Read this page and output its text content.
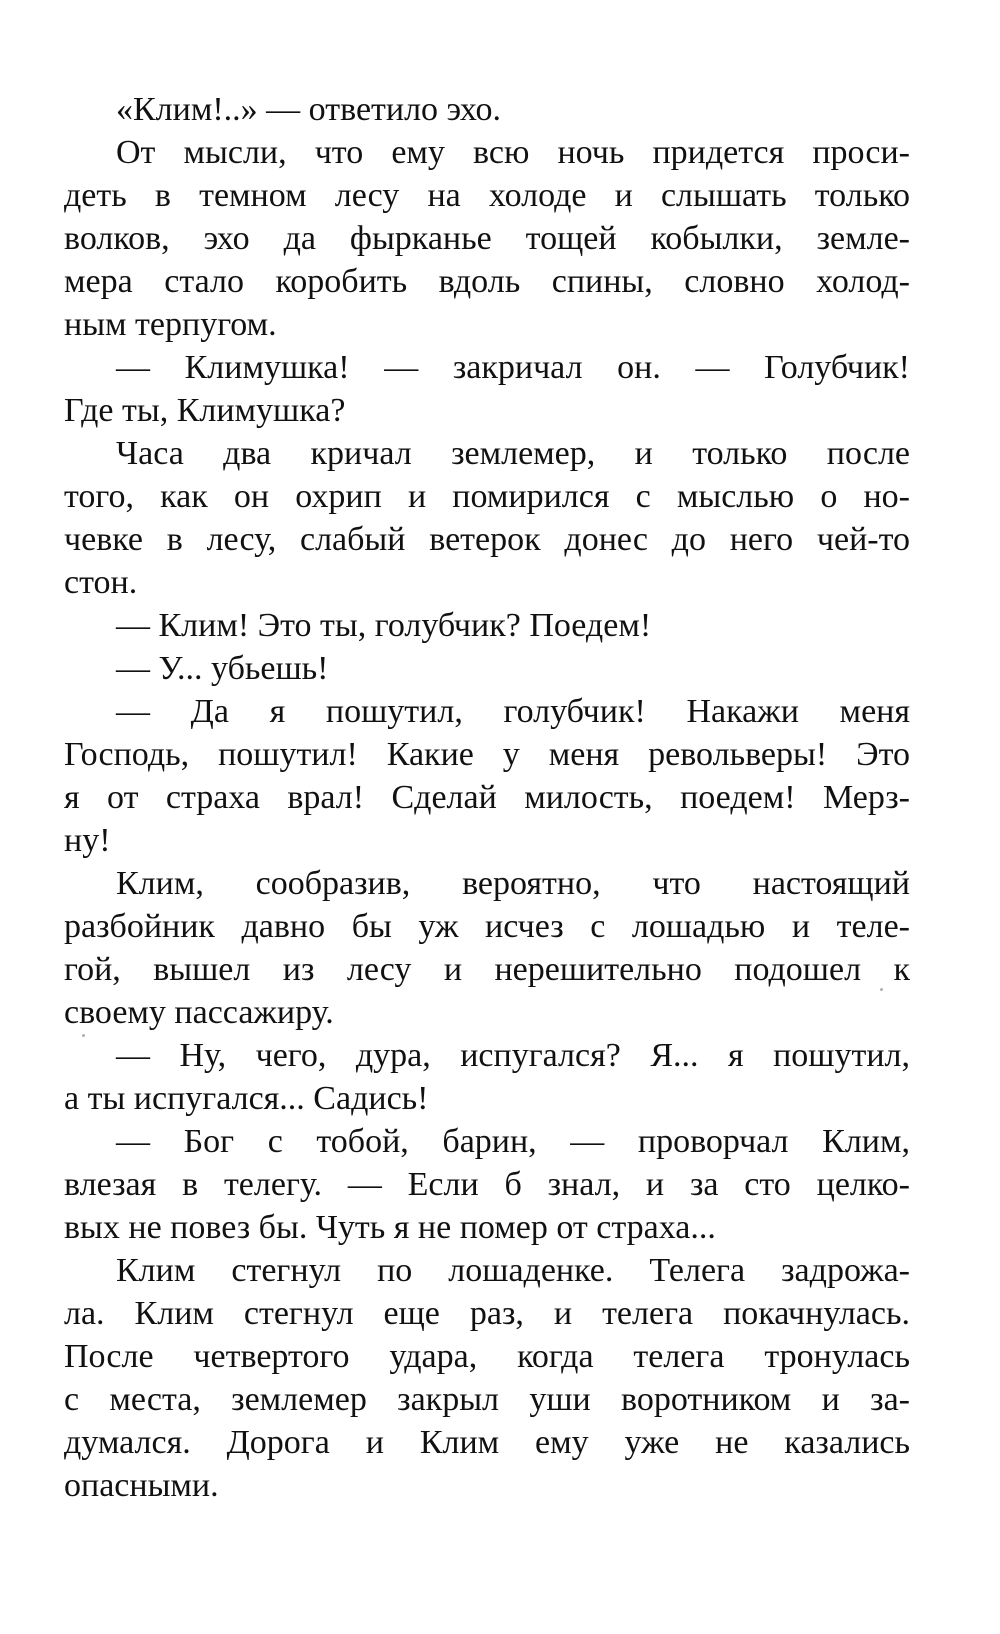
«Клим!..» — ответило эхо.
От мысли, что ему всю ночь придется проси-
деть в темном лесу на холоде и слышать только
волков, эхо да фырканье тощей кобылки, земле-
мера стало коробить вдоль спины, словно холод-
ным терпугом.
— Климушка! — закричал он. — Голубчик!
Где ты, Климушка?
Часа два кричал землемер, и только после
того, как он охрип и помирился с мыслью о но-
чевке в лесу, слабый ветерок донес до него чей-то
стон.
— Клим! Это ты, голубчик? Поедем!
— У... убьешь!
— Да я пошутил, голубчик! Накажи меня
Господь, пошутил! Какие у меня револьверы! Это
я от страха врал! Сделай милость, поедем! Мерз-
ну!
Клим, сообразив, вероятно, что настоящий
разбойник давно бы уж исчез с лошадью и теле-
гой, вышел из лесу и нерешительно подошел к
своему пассажиру.
— Ну, чего, дура, испугался? Я... я пошутил,
а ты испугался... Садись!
— Бог с тобой, барин, — проворчал Клим,
влезая в телегу. — Если б знал, и за сто целко-
вых не повез бы. Чуть я не помер от страха...
Клим стегнул по лошаденке. Телега задрожа-
ла. Клим стегнул еще раз, и телега покачнулась.
После четвертого удара, когда телега тронулась
с места, землемер закрыл уши воротником и за-
думался. Дорога и Клим ему уже не казались
опасными.
